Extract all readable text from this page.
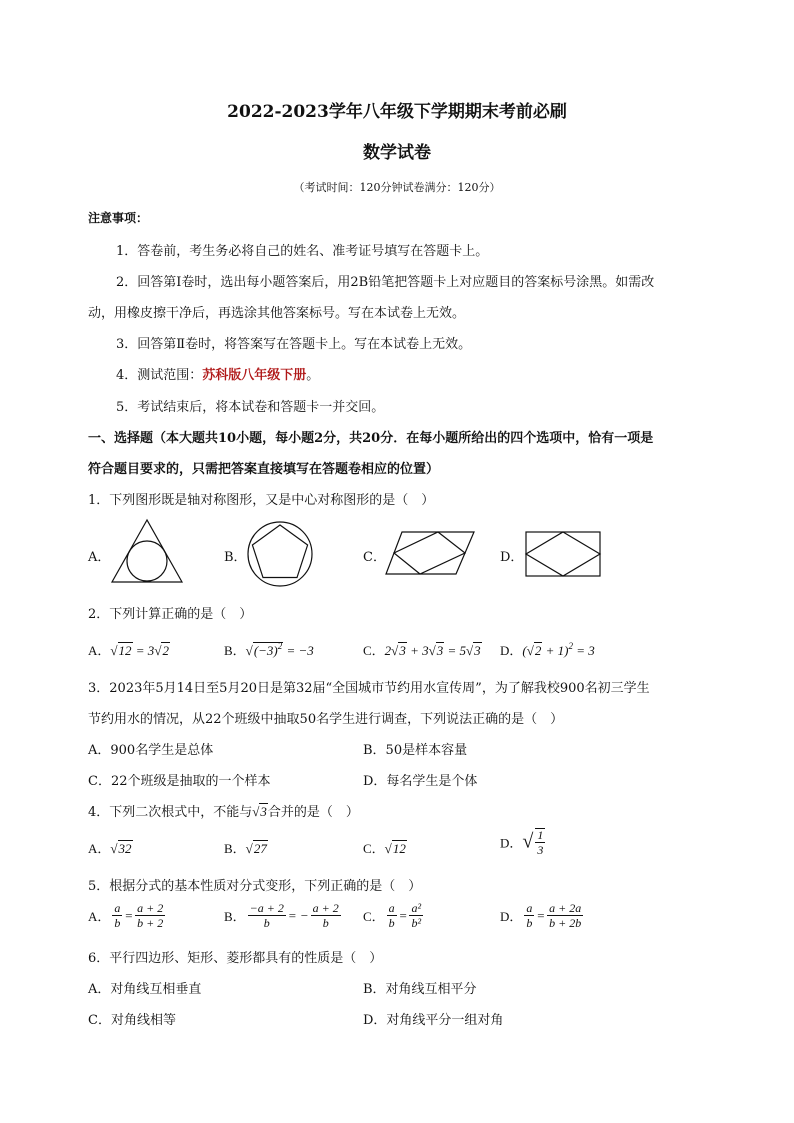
2022-2023学年八年级下学期期末考前必刷
数学试卷
（考试时间：120分钟试卷满分：120分）
注意事项：
1．答卷前，考生务必将自己的姓名、准考证号填写在答题卡上。
2．回答第Ⅰ卷时，选出每小题答案后，用2B铅笔把答题卡上对应题目的答案标号涂黑。如需改
动，用橡皮擦干净后，再选涂其他答案标号。写在本试卷上无效。
3．回答第Ⅱ卷时，将答案写在答题卡上。写在本试卷上无效。
4．测试范围：苏科版八年级下册。
5．考试结束后，将本试卷和答题卡一并交回。
一、选择题（本大题共10小题，每小题2分，共20分．在每小题所给出的四个选项中，恰有一项是
符合题目要求的，只需把答案直接填写在答题卷相应的位置）
1．下列图形既是轴对称图形，又是中心对称图形的是（　）
A．	B．	C．	D．
2．下列计算正确的是（　）
A．√12 = 3√2	B．$√(-3)^2 = -3$	C．2√3 + 3√3 = 5√3 D．$(√2 + 1)^2 = 3$
3．2023年5月14日至5月20日是第32届“全国城市节约用水宣传周”，为了解我校900名初三学生
节约用水的情况，从22个班级中抽取50名学生进行调查，下列说法正确的是（　）
A．900名学生是总体	B．50是样本容量
C．22个班级是抽取的一个样本	D．每名学生是个体
4．下列二次根式中，不能与√3合并的是（　）
A．√32	B．√27	C．√12	D．√ $\frac{1}{3}$
5．根据分式的基本性质对分式变形，下列正确的是（　）
A． $\frac{a}{b} = \frac{a + 2}{b + 2}$	B． $\frac{-a + 2}{b}$ = − $\frac{a + 2}{b}$ C． $\frac{a}{b} = \frac{\text{a²}}{\text{b²}}$	D． $\frac{a}{b} = \frac{a + 2a}{b + 2b}$
6．平行四边形、矩形、菱形都具有的性质是（　）
A．对角线互相垂直	B．对角线互相平分
C．对角线相等	D．对角线平分一组对角
